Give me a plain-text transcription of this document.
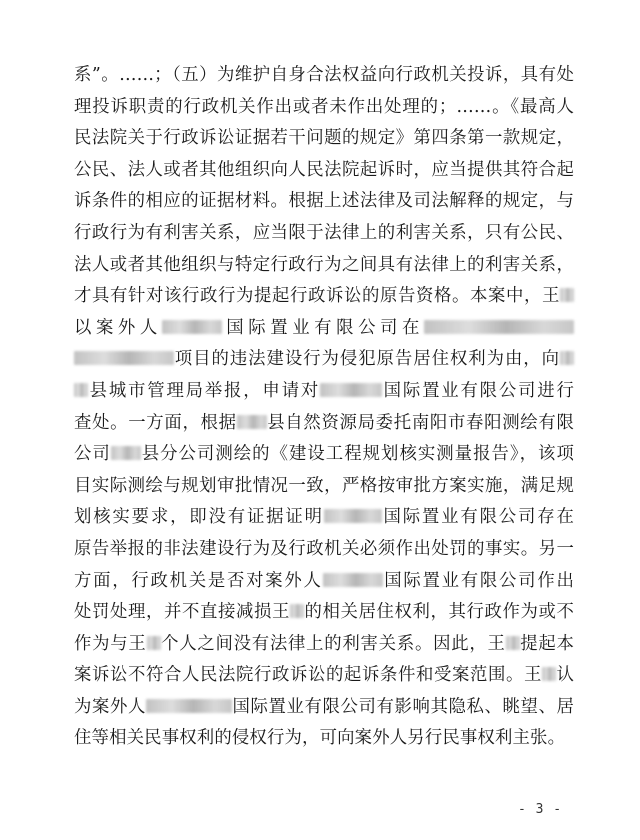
系”。……；（五）为维护自身合法权益向行政机关投诉，具有处
理投诉职责的行政机关作出或者未作出处理的；……。《最高人
民法院关于行政诉讼证据若干问题的规定》第四条第一款规定，
公民、法人或者其他组织向人民法院起诉时，应当提供其符合起
诉条件的相应的证据材料。根据上述法律及司法解释的规定，与
行政行为有利害关系，应当限于法律上的利害关系，只有公民、
法人或者其他组织与特定行政行为之间具有法律上的利害关系，
才具有针对该行政行为提起行政诉讼的原告资格。本案中，王
以案外人	国际置业有限公司在
项目的违法建设行为侵犯原告居住权利为由，向
县城市管理局举报，申请对	国际置业有限公司进行
查处。一方面，根据 县自然资源局委托南阳市春阳测绘有限
公司 县分公司测绘的《建设工程规划核实测量报告》，该项
目实际测绘与规划审批情况一致，严格按审批方案实施，满足规
划核实要求，即没有证据证明	国际置业有限公司存在
原告举报的非法建设行为及行政机关必须作出处罚的事实。另一
方面，行政机关是否对案外人	国际置业有限公司作出
处罚处理，并不直接减损王 的相关居住权利，其行政作为或不
作为与王 个人之间没有法律上的利害关系。因此，王 提起本
案诉讼不符合人民法院行政诉讼的起诉条件和受案范围。王 认
为案外人	国际置业有限公司有影响其隐私、眺望、居
住等相关民事权利的侵权行为，可向案外人另行民事权利主张。
- 3 -
